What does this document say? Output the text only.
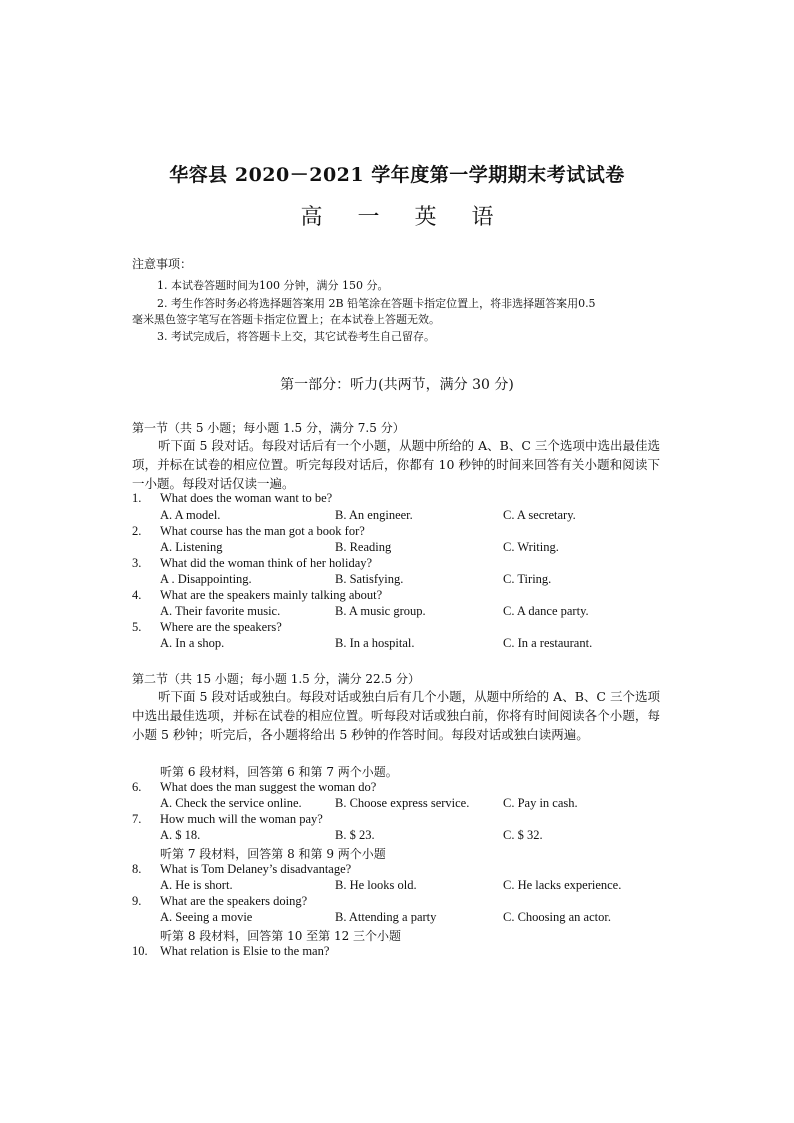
华容县 2020－2021 学年度第一学期期末考试试卷
高 一 英 语
注意事项：
1. 本试卷答题时间为100 分钟，满分 150 分。
2. 考生作答时务必将选择题答案用 2B 铅笔涂在答题卡指定位置上，将非选择题答案用0.5
毫米黑色签字笔写在答题卡指定位置上；在本试卷上答题无效。
3. 考试完成后，将答题卡上交，其它试卷考生自己留存。
第一部分：听力(共两节，满分 30 分)
第一节（共 5 小题；每小题 1.5 分，满分 7.5 分）
听下面 5 段对话。每段对话后有一个小题，从题中所给的 A、B、C 三个选项中选出最佳选项，并标在试卷的相应位置。听完每段对话后，你都有 10 秒钟的时间来回答有关小题和阅读下一小题。每段对话仅读一遍。
1. What does the woman want to be?
A. A model.	B. An engineer.	C. A secretary.
2. What course has the man got a book for?
A. Listening	B. Reading	C. Writing.
3. What did the woman think of her holiday?
A . Disappointing.	B. Satisfying.	C. Tiring.
4. What are the speakers mainly talking about?
A. Their favorite music.	B. A music group.	C. A dance party.
5. Where are the speakers?
A. In a shop.	B. In a hospital.	C. In a restaurant.
第二节（共 15 小题；每小题 1.5 分，满分 22.5 分）
听下面 5 段对话或独白。每段对话或独白后有几个小题，从题中所给的 A、B、C 三个选项中选出最佳选项，并标在试卷的相应位置。听每段对话或独白前，你将有时间阅读各个小题，每小题 5 秒钟；听完后，各小题将给出 5 秒钟的作答时间。每段对话或独白读两遍。
听第 6 段材料，回答第 6 和第 7 两个小题。
6. What does the man suggest the woman do?
A. Check the service online.	B. Choose express service.	C. Pay in cash.
7. How much will the woman pay?
A. $ 18.	B. $ 23.	C. $ 32.
听第 7 段材料，回答第 8 和第 9 两个小题
8. What is Tom Delaney’s disadvantage?
A. He is short.	B. He looks old.	C. He lacks experience.
9. What are the speakers doing?
A. Seeing a movie	B. Attending a party	C. Choosing an actor.
听第 8 段材料，回答第 10 至第 12 三个小题
10. What relation is Elsie to the man?
